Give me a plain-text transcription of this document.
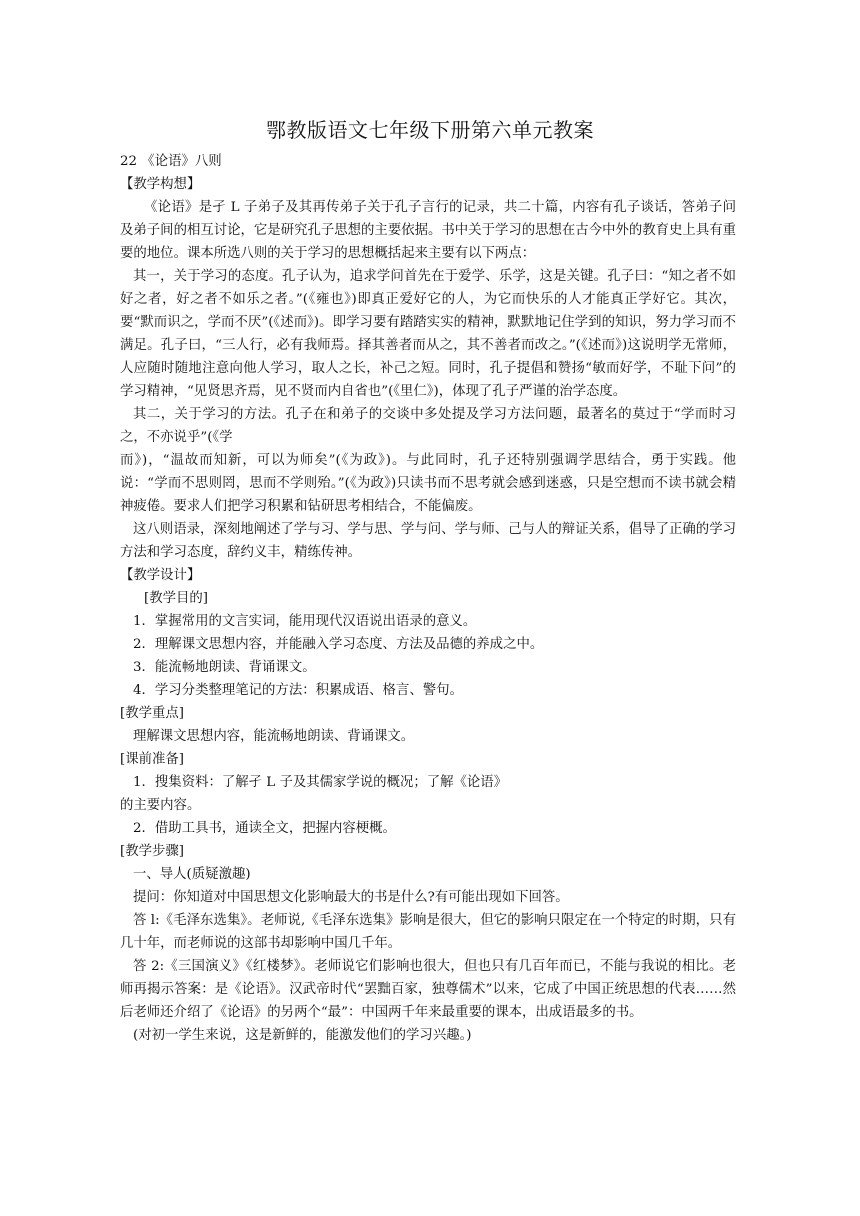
鄂教版语文七年级下册第六单元教案

22 《论语》八则

【教学构想】

《论语》是孑 L 子弟子及其再传弟子关于孔子言行的记录，共二十篇，内容有孔子谈话，答弟子问及弟子间的相互讨论，它是研究孔子思想的主要依据。书中关于学习的思想在古今中外的教育史上具有重要的地位。课本所选八则的关于学习的思想概括起来主要有以下两点：

其一，关于学习的态度。孔子认为，追求学问首先在于爱学、乐学，这是关键。孔子曰：“知之者不如好之者，好之者不如乐之者。”(《雍也》)即真正爱好它的人，为它而快乐的人才能真正学好它。其次，要“默而识之，学而不厌”(《述而》)。即学习要有踏踏实实的精神，默默地记住学到的知识，努力学习而不满足。孔子曰，“三人行，必有我师焉。择其善者而从之，其不善者而改之。”(《述而》)这说明学无常师，人应随时随地注意向他人学习，取人之长，补己之短。同时，孔子提倡和赞扬“敏而好学，不耻下问”的学习精神，“见贤思齐焉，见不贤而内自省也”(《里仁》)，体现了孔子严谨的治学态度。

其二，关于学习的方法。孔子在和弟子的交谈中多处提及学习方法问题，最著名的莫过于“学而时习之，不亦说乎”(《学

而》)，“温故而知新，可以为师矣”(《为政》)。与此同时，孔子还特别强调学思结合，勇于实践。他说：“学而不思则罔，思而不学则殆。”(《为政》)只读书而不思考就会感到迷惑，只是空想而不读书就会精神疲倦。要求人们把学习积累和钻研思考相结合，不能偏废。

这八则语录，深刻地阐述了学与习、学与思、学与问、学与师、己与人的辩证关系，倡导了正确的学习方法和学习态度，辞约义丰，精练传神。

【教学设计】

[教学目的]

1．掌握常用的文言实词，能用现代汉语说出语录的意义。

2．理解课文思想内容，并能融入学习态度、方法及品德的养成之中。

3．能流畅地朗读、背诵课文。

4．学习分类整理笔记的方法：积累成语、格言、警句。

[教学重点]

理解课文思想内容，能流畅地朗读、背诵课文。

[课前准备]

1．搜集资料：了解孑 L 子及其儒家学说的概况；了解《论语》

的主要内容。

2．借助工具书，通读全文，把握内容梗概。

[教学步骤]

一、导人(质疑激趣)

提问：你知道对中国思想文化影响最大的书是什么?有可能出现如下回答。

答 l:《毛泽东选集》。老师说,《毛泽东选集》影响是很大，但它的影响只限定在一个特定的时期，只有几十年，而老师说的这部书却影响中国几千年。

答 2:《三国演义》《红楼梦》。老师说它们影响也很大，但也只有几百年而已，不能与我说的相比。老师再揭示答案：是《论语》。汉武帝时代“罢黜百家，独尊儒术”以来，它成了中国正统思想的代表……然后老师还介绍了《论语》的另两个“最”：中国两千年来最重要的课本，出成语最多的书。

(对初一学生来说，这是新鲜的，能激发他们的学习兴趣。)
